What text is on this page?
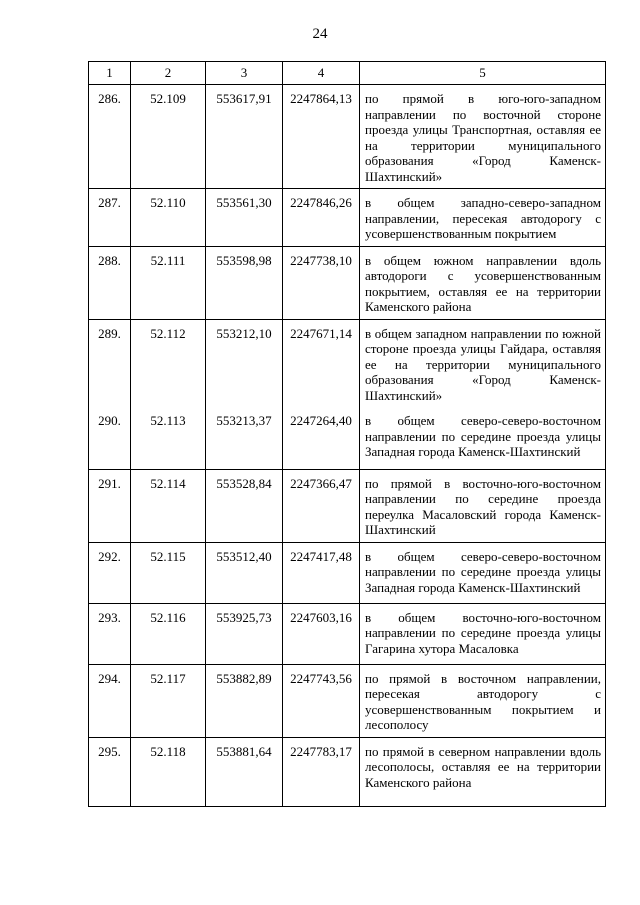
24
1	2	3	4	5
286.	52.109	553617,91	2247864,13	по прямой в юго-юго-западном направлении по восточной стороне проезда улицы Транспортная, оставляя ее на территории муниципального образования «Город Каменск-Шахтинский»
287.	52.110	553561,30	2247846,26	в общем западно-северо-западном направлении, пересекая автодорогу с усовершенствованным покрытием
288.	52.111	553598,98	2247738,10	в общем южном направлении вдоль автодороги с усовершенствованным покрытием, оставляя ее на территории Каменского района
289.	52.112	553212,10	2247671,14	в общем западном направлении по южной стороне проезда улицы Гайдара, оставляя ее на территории муниципального образования «Город Каменск-Шахтинский»
290.	52.113	553213,37	2247264,40	в общем северо-северо-восточном направлении по середине проезда улицы Западная города Каменск-Шахтинский
291.	52.114	553528,84	2247366,47	по прямой в восточно-юго-восточном направлении по середине проезда переулка Масаловский города Каменск-Шахтинский
292.	52.115	553512,40	2247417,48	в общем северо-северо-восточном направлении по середине проезда улицы Западная города Каменск-Шахтинский
293.	52.116	553925,73	2247603,16	в общем восточно-юго-восточном направлении по середине проезда улицы Гагарина хутора Масаловка
294.	52.117	553882,89	2247743,56	по прямой в восточном направлении, пересекая автодорогу с усовершенствованным покрытием и лесополосу
295.	52.118	553881,64	2247783,17	по прямой в северном направлении вдоль лесополосы, оставляя ее на территории Каменского района
